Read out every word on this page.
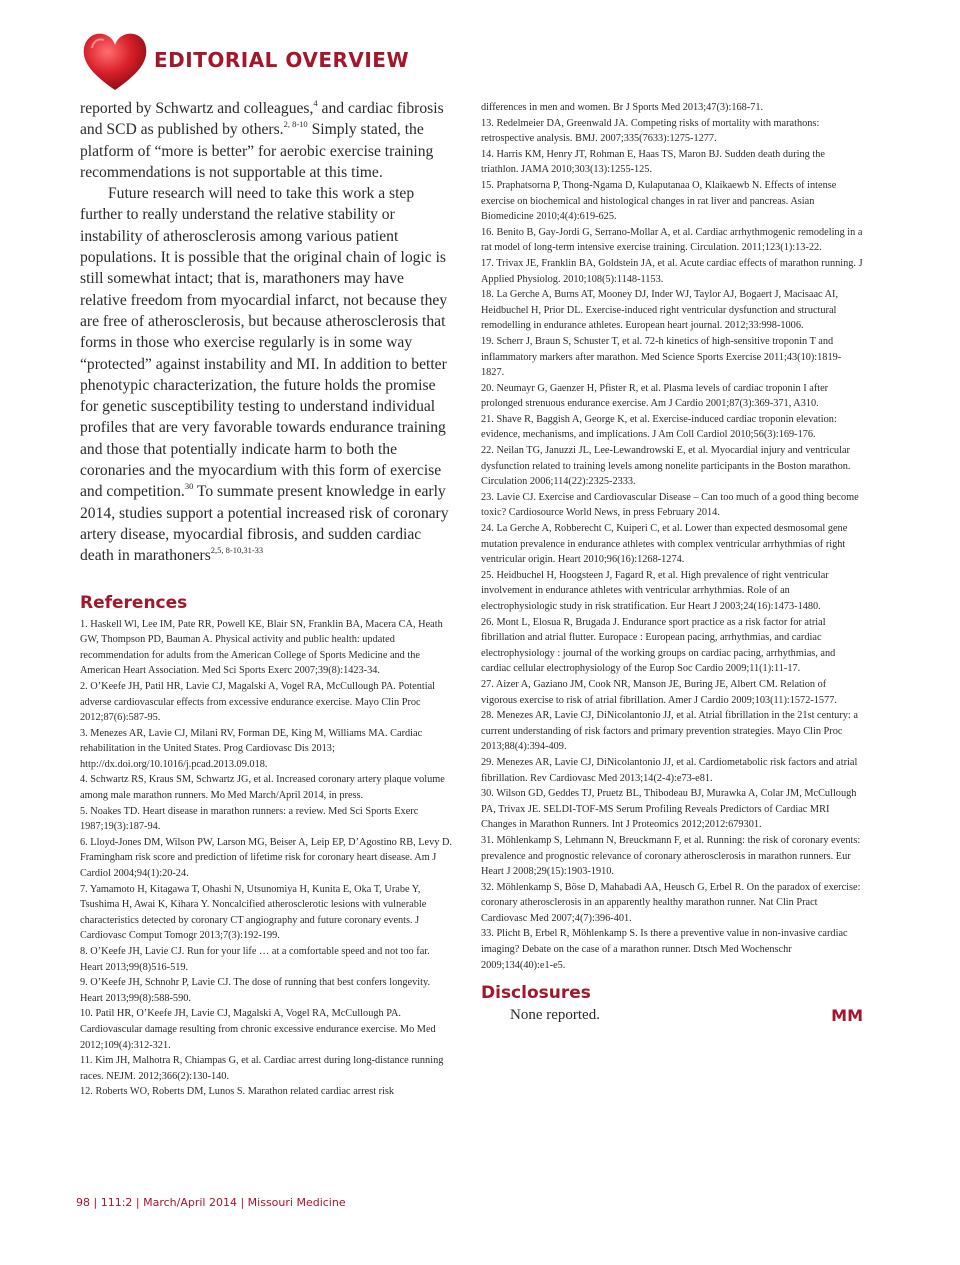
EDITORIAL OVERVIEW

reported by Schwartz and colleagues,$^4$ and cardiac fibrosis and SCD as published by others.$^{2, 8-10}$ Simply stated, the platform of “more is better” for aerobic exercise training recommendations is not supportable at this time.

Future research will need to take this work a step further to really understand the relative stability or instability of atherosclerosis among various patient populations. It is possible that the original chain of logic is still somewhat intact; that is, marathoners may have relative freedom from myocardial infarct, not because they are free of atherosclerosis, but because atherosclerosis that forms in those who exercise regularly is in some way “protected” against instability and MI. In addition to better phenotypic characterization, the future holds the promise for genetic susceptibility testing to understand individual profiles that are very favorable towards endurance training and those that potentially indicate harm to both the coronaries and the myocardium with this form of exercise and competition.$^{30}$ To summate present knowledge in early 2014, studies support a potential increased risk of coronary artery disease, myocardial fibrosis, and sudden cardiac death in marathoners$^{2,5, 8-10,31-33}$

References

1. Haskell Wl, Lee IM, Pate RR, Powell KE, Blair SN, Franklin BA, Macera CA, Heath GW, Thompson PD, Bauman A. Physical activity and public health: updated recommendation for adults from the American College of Sports Medicine and the American Heart Association. Med Sci Sports Exerc 2007;39(8):1423-34.

2. O’Keefe JH, Patil HR, Lavie CJ, Magalski A, Vogel RA, McCullough PA. Potential adverse cardiovascular effects from excessive endurance exercise. Mayo Clin Proc 2012;87(6):587-95.

3. Menezes AR, Lavie CJ, Milani RV, Forman DE, King M, Williams MA. Cardiac rehabilitation in the United States. Prog Cardiovasc Dis 2013; http://dx.doi.org/10.1016/j.pcad.2013.09.018.

4. Schwartz RS, Kraus SM, Schwartz JG, et al. Increased coronary artery plaque volume among male marathon runners. Mo Med March/April 2014, in press.

5. Noakes TD. Heart disease in marathon runners: a review. Med Sci Sports Exerc 1987;19(3):187-94.

6. Lloyd-Jones DM, Wilson PW, Larson MG, Beiser A, Leip EP, D’Agostino RB, Levy D. Framingham risk score and prediction of lifetime risk for coronary heart disease. Am J Cardiol 2004;94(1):20-24.

7. Yamamoto H, Kitagawa T, Ohashi N, Utsunomiya H, Kunita E, Oka T, Urabe Y, Tsushima H, Awai K, Kihara Y. Noncalcified atherosclerotic lesions with vulnerable characteristics detected by coronary CT angiography and future coronary events. J Cardiovasc Comput Tomogr 2013;7(3):192-199.

8. O’Keefe JH, Lavie CJ. Run for your life … at a comfortable speed and not too far. Heart 2013;99(8)516-519.

9. O’Keefe JH, Schnohr P, Lavie CJ. The dose of running that best confers longevity. Heart 2013;99(8):588-590.

10. Patil HR, O’Keefe JH, Lavie CJ, Magalski A, Vogel RA, McCullough PA. Cardiovascular damage resulting from chronic excessive endurance exercise. Mo Med 2012;109(4):312-321.

11. Kim JH, Malhotra R, Chiampas G, et al. Cardiac arrest during long-distance running races. NEJM. 2012;366(2):130-140.

12. Roberts WO, Roberts DM, Lunos S. Marathon related cardiac arrest risk

differences in men and women. Br J Sports Med 2013;47(3):168-71.

13. Redelmeier DA, Greenwald JA. Competing risks of mortality with marathons: retrospective analysis. BMJ. 2007;335(7633):1275-1277.

14. Harris KM, Henry JT, Rohman E, Haas TS, Maron BJ. Sudden death during the triathlon. JAMA 2010;303(13):1255-125.

15. Praphatsorna P, Thong-Ngama D, Kulaputanaa O, Klaikaewb N. Effects of intense exercise on biochemical and histological changes in rat liver and pancreas. Asian Biomedicine 2010;4(4):619-625.

16. Benito B, Gay-Jordi G, Serrano-Mollar A, et al. Cardiac arrhythmogenic remodeling in a rat model of long-term intensive exercise training. Circulation. 2011;123(1):13-22.

17. Trivax JE, Franklin BA, Goldstein JA, et al. Acute cardiac effects of marathon running. J Applied Physiolog. 2010;108(5):1148-1153.

18. La Gerche A, Burns AT, Mooney DJ, Inder WJ, Taylor AJ, Bogaert J, Macisaac AI, Heidbuchel H, Prior DL. Exercise-induced right ventricular dysfunction and structural remodelling in endurance athletes. European heart journal. 2012;33:998-1006.

19. Scherr J, Braun S, Schuster T, et al. 72-h kinetics of high-sensitive troponin T and inflammatory markers after marathon. Med Science Sports Exercise 2011;43(10):1819-1827.

20. Neumayr G, Gaenzer H, Pfister R, et al. Plasma levels of cardiac troponin I after prolonged strenuous endurance exercise. Am J Cardio 2001;87(3):369-371, A310.

21. Shave R, Baggish A, George K, et al. Exercise-induced cardiac troponin elevation: evidence, mechanisms, and implications. J Am Coll Cardiol 2010;56(3):169-176.

22. Neilan TG, Januzzi JL, Lee-Lewandrowski E, et al. Myocardial injury and ventricular dysfunction related to training levels among nonelite participants in the Boston marathon. Circulation 2006;114(22):2325-2333.

23. Lavie CJ. Exercise and Cardiovascular Disease – Can too much of a good thing become toxic? Cardiosource World News, in press February 2014.

24. La Gerche A, Robberecht C, Kuiperi C, et al. Lower than expected desmosomal gene mutation prevalence in endurance athletes with complex ventricular arrhythmias of right ventricular origin. Heart 2010;96(16):1268-1274.

25. Heidbuchel H, Hoogsteen J, Fagard R, et al. High prevalence of right ventricular involvement in endurance athletes with ventricular arrhythmias. Role of an electrophysiologic study in risk stratification. Eur Heart J 2003;24(16):1473-1480.

26. Mont L, Elosua R, Brugada J. Endurance sport practice as a risk factor for atrial fibrillation and atrial flutter. Europace : European pacing, arrhythmias, and cardiac electrophysiology : journal of the working groups on cardiac pacing, arrhythmias, and cardiac cellular electrophysiology of the Europ Soc Cardio 2009;11(1):11-17.

27. Aizer A, Gaziano JM, Cook NR, Manson JE, Buring JE, Albert CM. Relation of vigorous exercise to risk of atrial fibrillation. Amer J Cardio 2009;103(11):1572-1577.

28. Menezes AR, Lavie CJ, DiNicolantonio JJ, et al. Atrial fibrillation in the 21st century: a current understanding of risk factors and primary prevention strategies. Mayo Clin Proc 2013;88(4):394-409.

29. Menezes AR, Lavie CJ, DiNicolantonio JJ, et al. Cardiometabolic risk factors and atrial fibrillation. Rev Cardiovasc Med 2013;14(2-4):e73-e81.

30. Wilson GD, Geddes TJ, Pruetz BL, Thibodeau BJ, Murawka A, Colar JM, McCullough PA, Trivax JE. SELDI-TOF-MS Serum Profiling Reveals Predictors of Cardiac MRI Changes in Marathon Runners. Int J Proteomics 2012;2012:679301.

31. Möhlenkamp S, Lehmann N, Breuckmann F, et al. Running: the risk of coronary events: prevalence and prognostic relevance of coronary atherosclerosis in marathon runners. Eur Heart J 2008;29(15):1903-1910.

32. Möhlenkamp S, Böse D, Mahabadi AA, Heusch G, Erbel R. On the paradox of exercise: coronary atherosclerosis in an apparently healthy marathon runner. Nat Clin Pract Cardiovasc Med 2007;4(7):396-401.

33. Plicht B, Erbel R, Möhlenkamp S. Is there a preventive value in non-invasive cardiac imaging? Debate on the case of a marathon runner. Dtsch Med Wochenschr 2009;134(40):e1-e5.

Disclosures
None reported.	MM
98 | 111:2 | March/April 2014 | Missouri Medicine
